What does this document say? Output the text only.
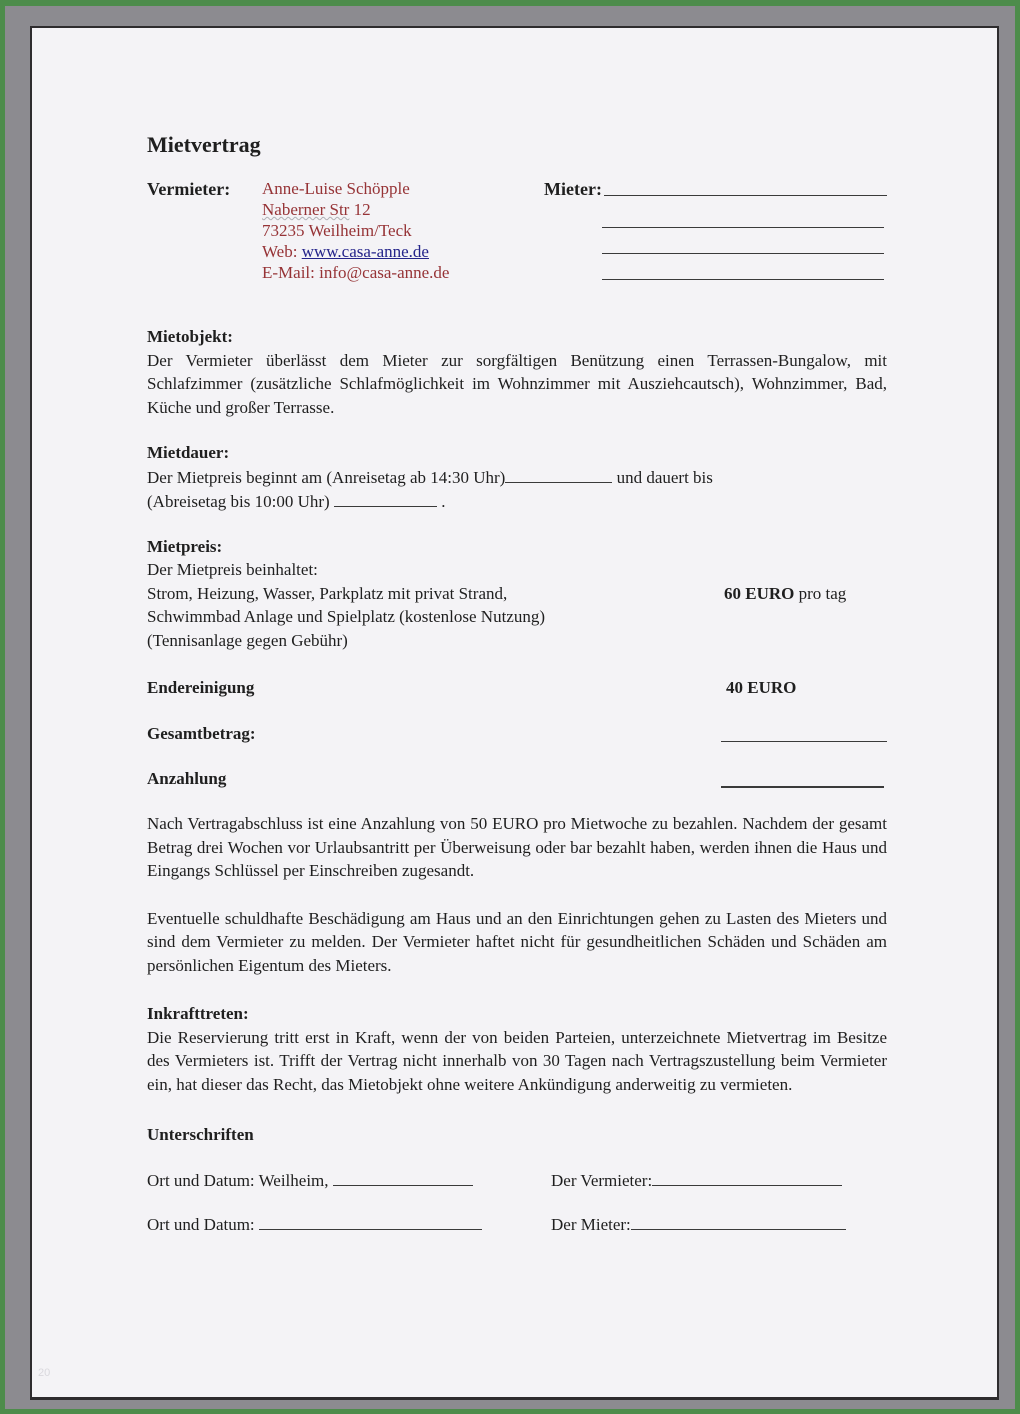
Mietvertrag
Vermieter:	Anne-Luise Schöpple
Naberner Str 12
73235 Weilheim/Teck
Web: www.casa-anne.de
E-Mail: info@casa-anne.de
Mieter:
Mietobjekt:
Der Vermieter überlässt dem Mieter zur sorgfältigen Benützung einen Terrassen-Bungalow, mit Schlafzimmer (zusätzliche Schlafmöglichkeit im Wohnzimmer mit Ausziehcautsch), Wohnzimmer, Bad, Küche und großer Terrasse.
Mietdauer:
Der Mietpreis beginnt am (Anreisetag ab 14:30 Uhr)	und dauert bis
(Abreisetag bis 10:00 Uhr)	.
Mietpreis:
Der Mietpreis beinhaltet:
Strom, Heizung, Wasser, Parkplatz mit privat Strand,	60 EURO pro tag
Schwimmbad Anlage und Spielplatz (kostenlose Nutzung)
(Tennisanlage gegen Gebühr)
Endereinigung	40 EURO
Gesamtbetrag:
Anzahlung
Nach Vertragabschluss ist eine Anzahlung von 50 EURO pro Mietwoche zu bezahlen. Nachdem der gesamt Betrag drei Wochen vor Urlaubsantritt per Überweisung oder bar bezahlt haben, werden ihnen die Haus und Eingangs Schlüssel per Einschreiben zugesandt.
Eventuelle schuldhafte Beschädigung am Haus und an den Einrichtungen gehen zu Lasten des Mieters und sind dem Vermieter zu melden. Der Vermieter haftet nicht für gesundheitlichen Schäden und Schäden am persönlichen Eigentum des Mieters.
Inkrafttreten:
Die Reservierung tritt erst in Kraft, wenn der von beiden Parteien, unterzeichnete Mietvertrag im Besitze des Vermieters ist. Trifft der Vertrag nicht innerhalb von 30 Tagen nach Vertragszustellung beim Vermieter ein, hat dieser das Recht, das Mietobjekt ohne weitere Ankündigung anderweitig zu vermieten.
Unterschriften
Ort und Datum: Weilheim,	Der Vermieter:
Ort und Datum:	Der Mieter:
20
